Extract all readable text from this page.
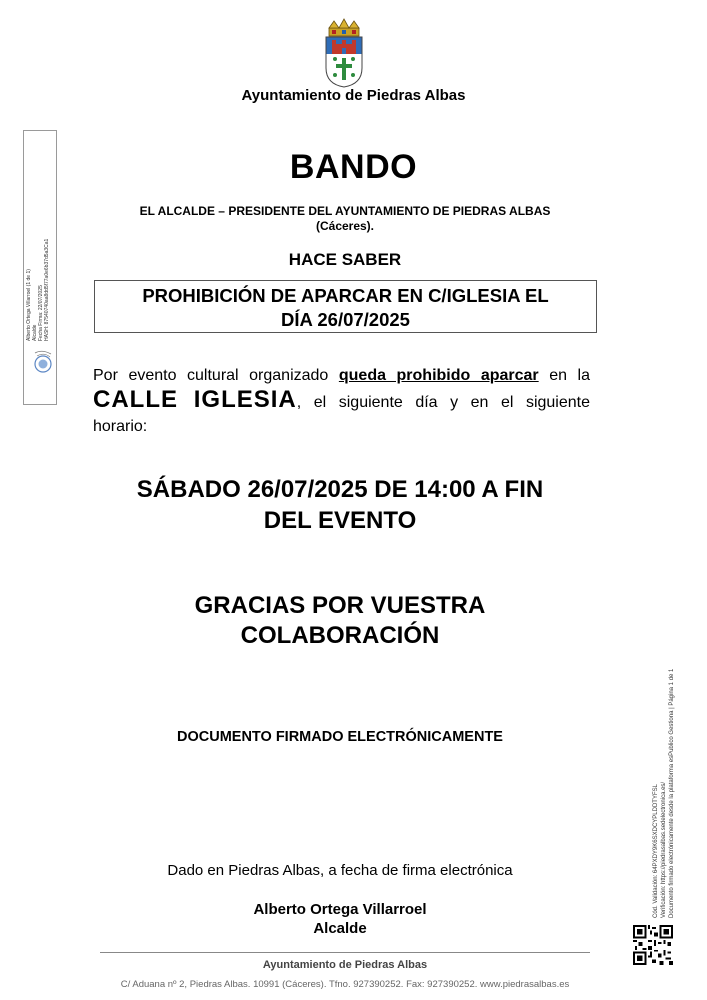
Ayuntamiento de Piedras Albas
Alberto Ortega Villarroel (1 de 1) Alcalde Fecha Firma: 22/07/2025 HASH: 87540740aa8dd5f77a0e6b37d5a3Ca1
BANDO
EL ALCALDE – PRESIDENTE DEL AYUNTAMIENTO DE PIEDRAS ALBAS
(Cáceres).
HACE SABER
PROHIBICIÓN DE APARCAR EN C/IGLESIA EL
DÍA 26/07/2025
Por evento cultural organizado queda prohibido aparcar en la
CALLE IGLESIA, el siguiente día y en el siguiente
horario:
SÁBADO 26/07/2025 DE 14:00 A FIN
DEL EVENTO
GRACIAS POR VUESTRA
COLABORACIÓN
DOCUMENTO FIRMADO ELECTRÓNICAMENTE
Dado en Piedras Albas, a fecha de firma electrónica
Alberto Ortega Villarroel
Alcalde
Ayuntamiento de Piedras Albas
C/ Aduana nº 2, Piedras Albas. 10991 (Cáceres). Tfno. 927390252. Fax: 927390252. www.piedrasalbas.es
Cód. Validación: 64PXDY9K6SXDCYPLDDTYFSL Verificación: https://piedrasalbas.sedelectronica.es/ Documento firmado electrónicamente desde la plataforma esPublico Gestiona | Página 1 de 1
